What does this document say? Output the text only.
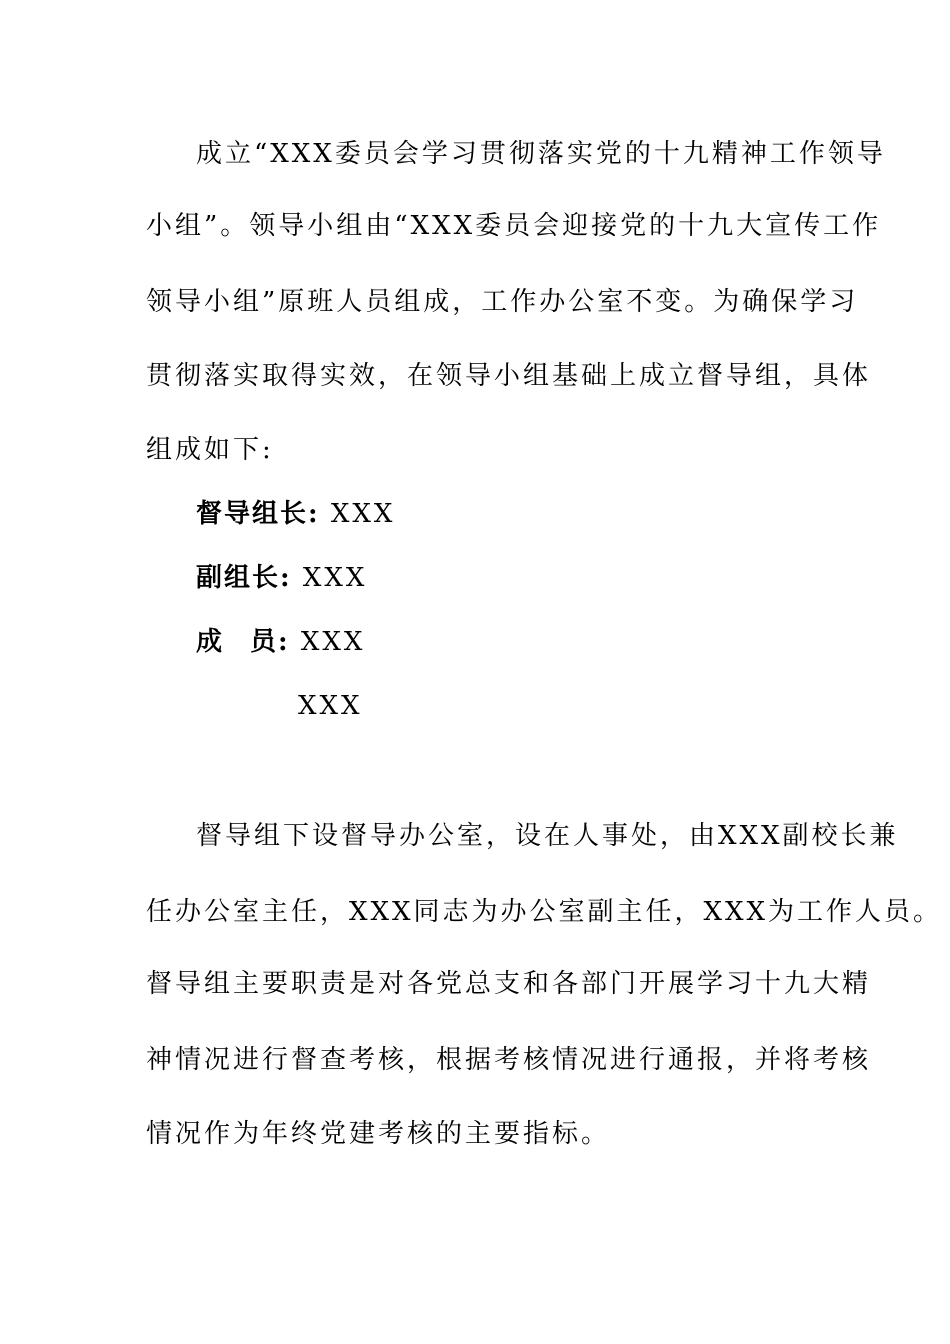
成立“XXX委员会学习贯彻落实党的十九精神工作领导
小组”。领导小组由“XXX委员会迎接党的十九大宣传工作
领导小组”原班人员组成，工作办公室不变。为确保学习
贯彻落实取得实效，在领导小组基础上成立督导组，具体
组成如下:
督导组长: XXX
副组长: XXX
成 员: XXX
XXX
督导组下设督导办公室，设在人事处，由XXX副校长兼
任办公室主任，XXX同志为办公室副主任，XXX为工作人员。
督导组主要职责是对各党总支和各部门开展学习十九大精
神情况进行督查考核，根据考核情况进行通报，并将考核
情况作为年终党建考核的主要指标。
